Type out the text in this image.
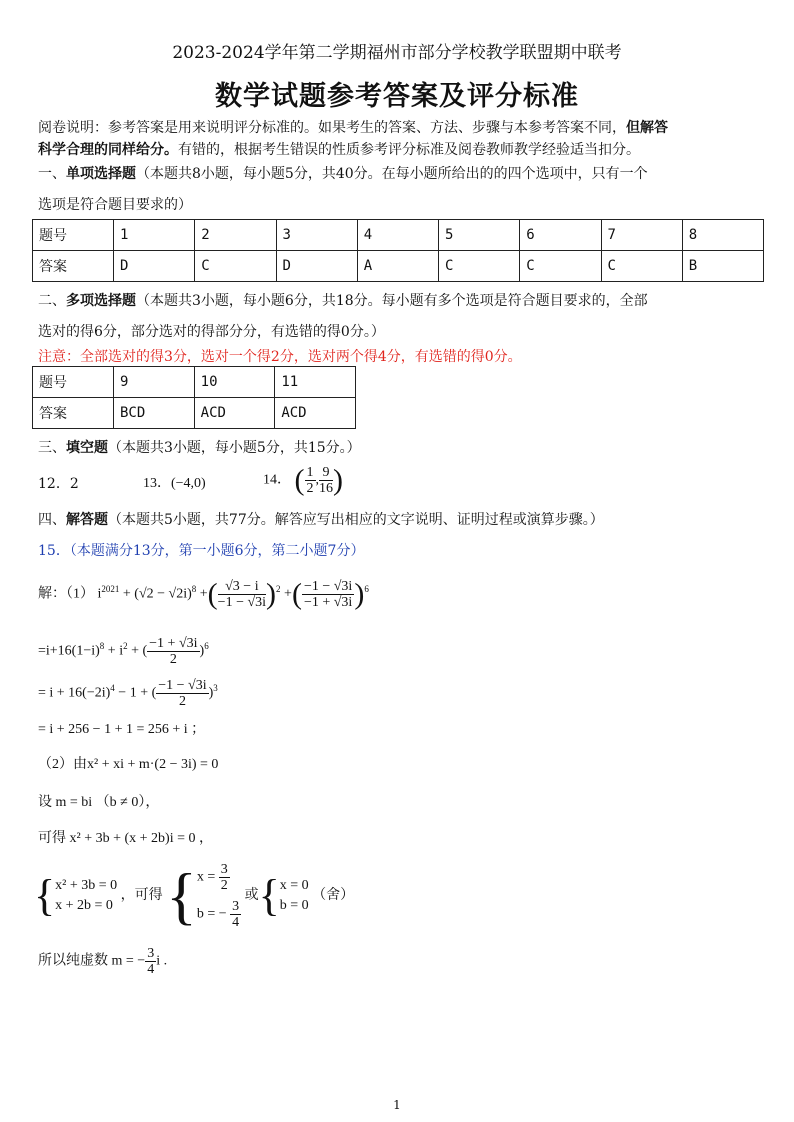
2023-2024学年第二学期福州市部分学校教学联盟期中联考
数学试题参考答案及评分标准
阅卷说明：参考答案是用来说明评分标准的。如果考生的答案、方法、步骤与本参考答案不同，但解答
科学合理的同样给分。有错的，根据考生错误的性质参考评分标准及阅卷教师教学经验适当扣分。
一、单项选择题（本题共8小题，每小题5分，共40分。在每小题所给出的的四个选项中，只有一个
选项是符合题目要求的）
题号	1	2	3	4	5	6	7	8
答案	D	C	D	A	C	C	C	B
二、多项选择题（本题共3小题，每小题6分，共18分。每小题有多个选项是符合题目要求的，全部
选对的得6分，部分选对的得部分分，有选错的得0分。）
注意：全部选对的得3分，选对一个得2分，选对两个得4分，有选错的得0分。
题号	9	10	11
答案	BCD	ACD	ACD
三、填空题（本题共3小题，每小题5分，共15分。）
12．2	13．(−4,0)	14． ( $\frac{1}{2}$ , $\frac{9}{16}$ )
四、解答题（本题共5小题，共77分。解答应写出相应的文字说明、证明过程或演算步骤。）
15．（本题满分13分，第一小题6分，第二小题7分）
解：（1） $i^{2021} + (√2 - √2i)^8$ +( $\frac{√3 - i}{-1 - √3i} )^2$ +( $\frac{-1 - √3i}{-1 + √3i} )^6$
$=i+16(1-i)^8 + i^2$ + ( $\frac{-1 + √3i}{2} )^6$
= $i + 16(-2i)^4 - 1$ + ( $\frac{-1 - √3i}{2} )^3$
= i + 256 − 1 + 1 = 256 + i ；
（2）由x² + xi + m·(2 − 3i) = 0
设 m = bi （b ≠ 0），
可得 x² + 3b + (x + 2b)i = 0 ，
{ x² + 3b = 0
x + 2b = 0
，可得 { $x = \frac{3}{2}$
b = − $\frac{3}{4}$
或{ x = 0
b = 0
（舍）
所以纯虚数 m = − $\frac{3}{4}$ i .
1
